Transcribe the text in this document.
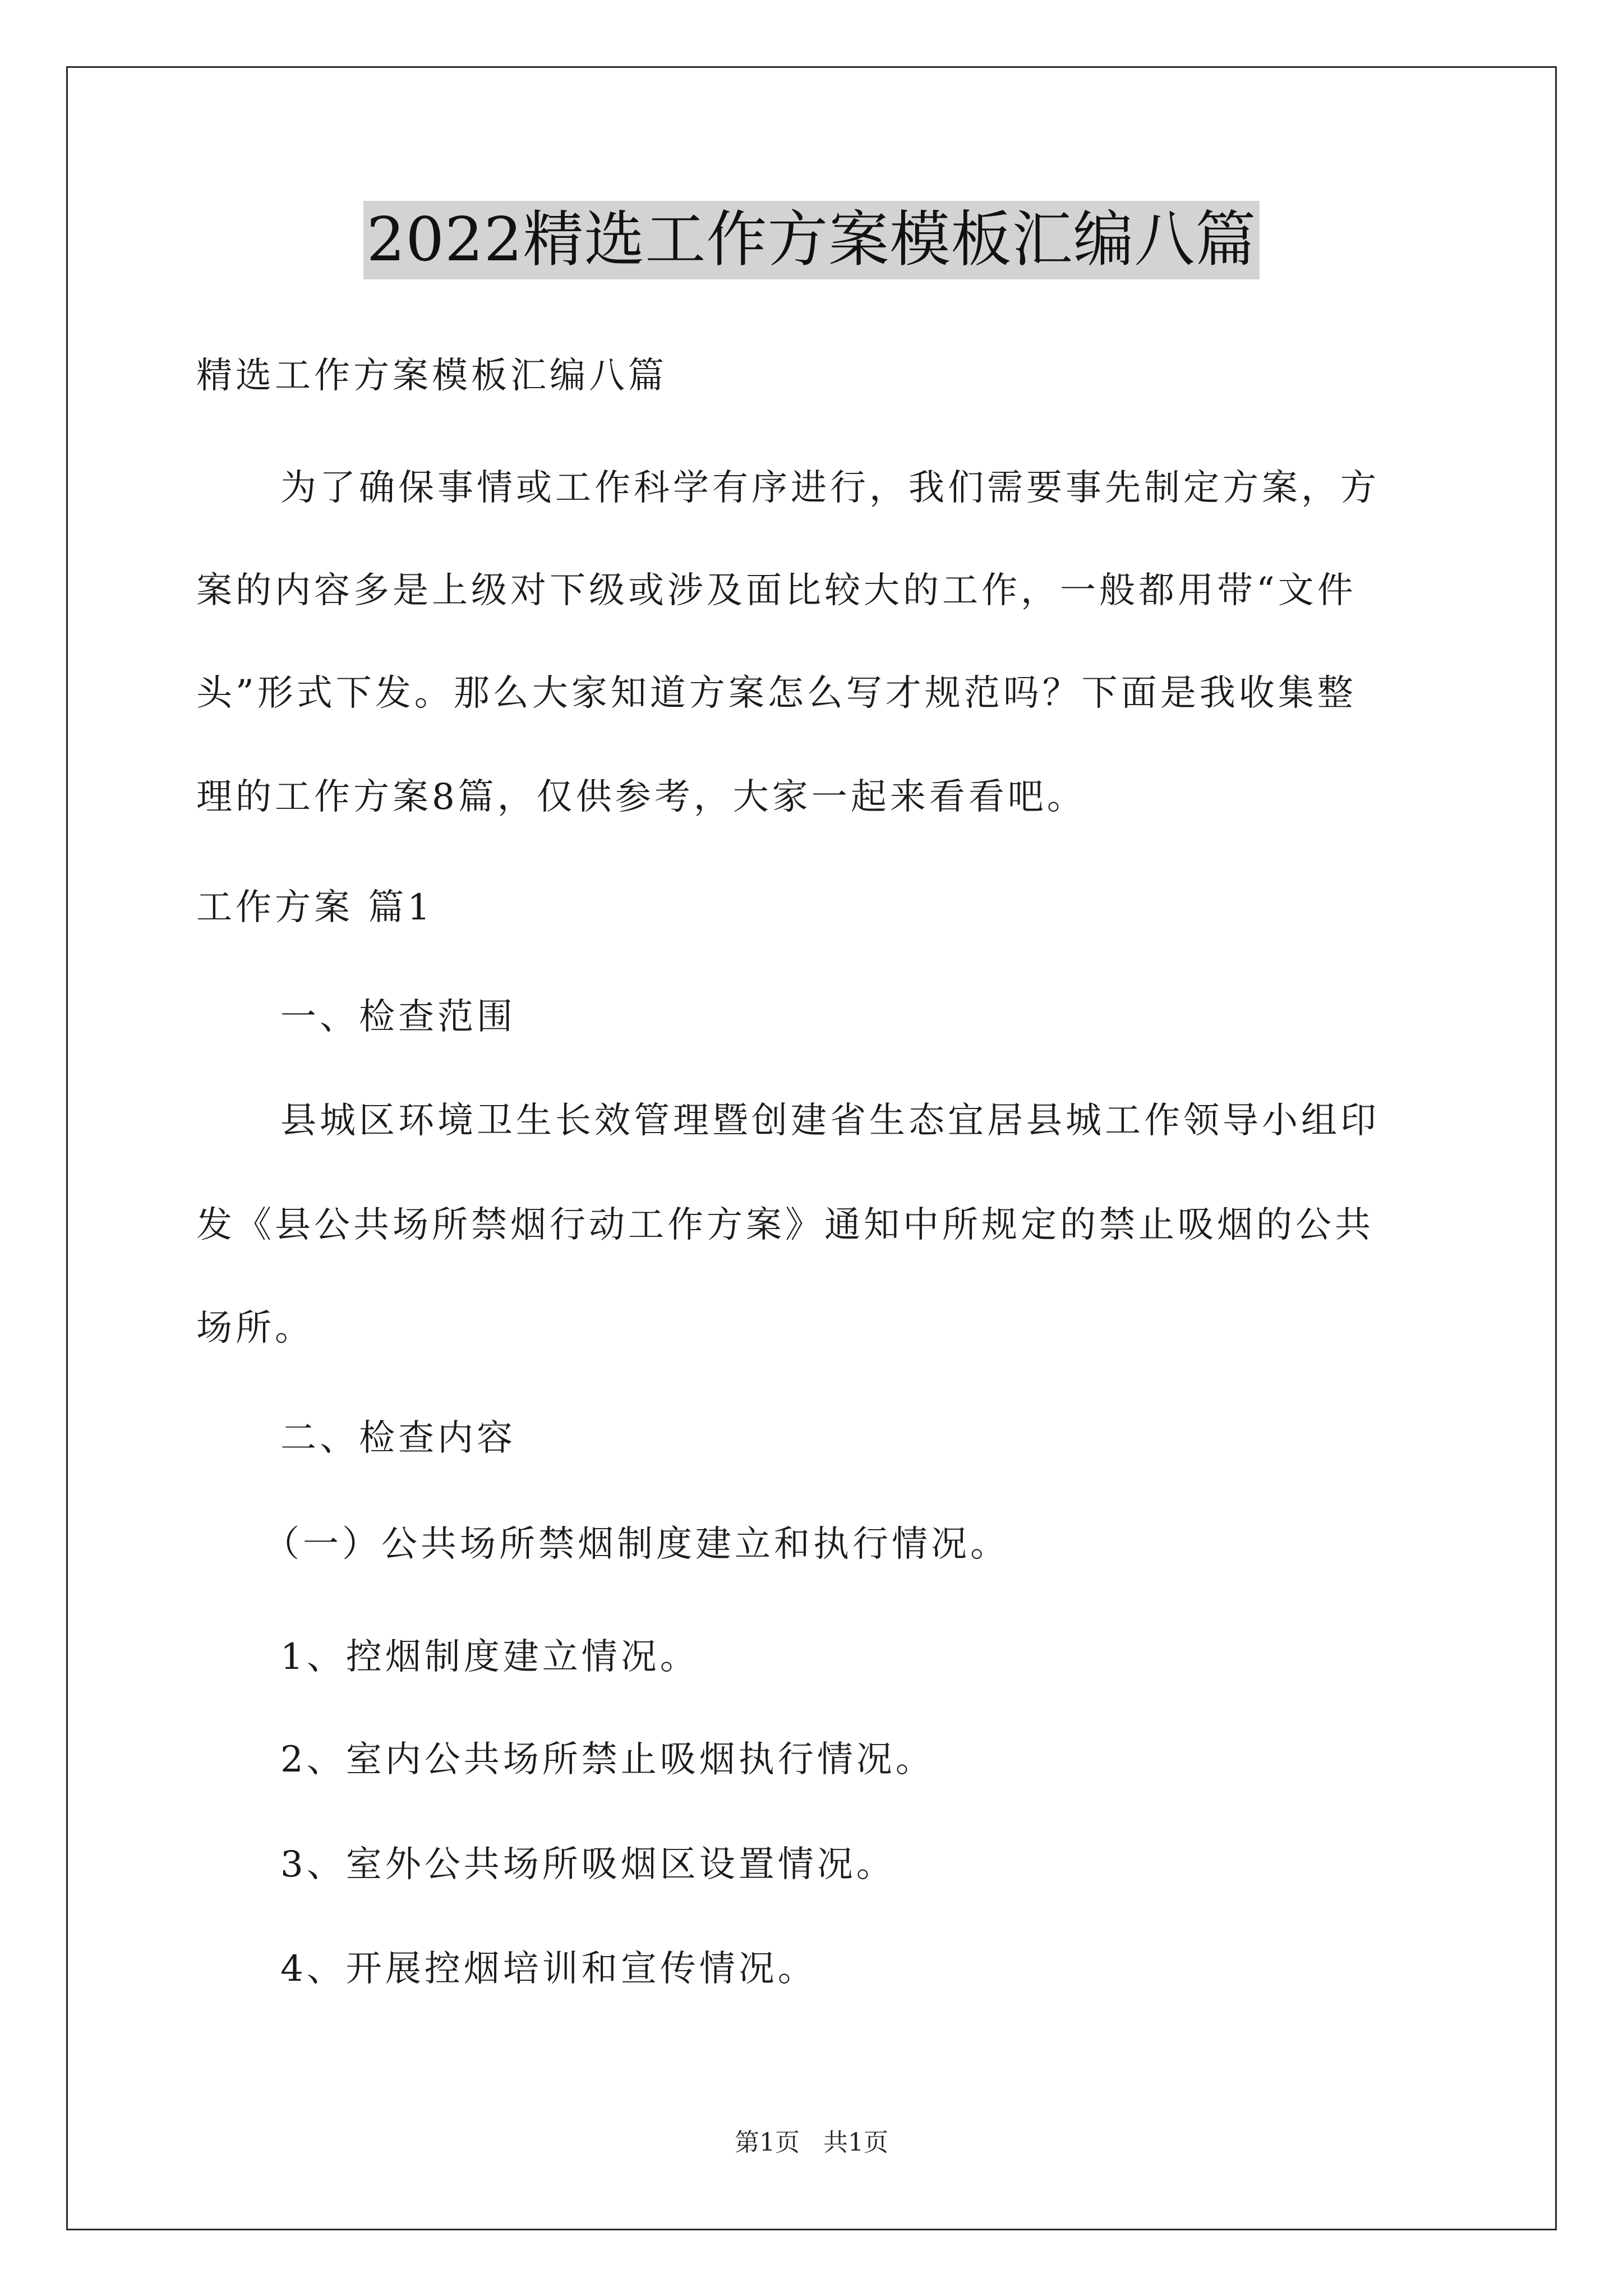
2022精选工作方案模板汇编八篇
精选工作方案模板汇编八篇
为了确保事情或工作科学有序进行，我们需要事先制定方案，方
案的内容多是上级对下级或涉及面比较大的工作，一般都用带“文件
头”形式下发。那么大家知道方案怎么写才规范吗？下面是我收集整
理的工作方案8篇，仅供参考，大家一起来看看吧。
工作方案 篇1
一、检查范围
县城区环境卫生长效管理暨创建省生态宜居县城工作领导小组印
发《县公共场所禁烟行动工作方案》通知中所规定的禁止吸烟的公共
场所。
二、检查内容
（一）公共场所禁烟制度建立和执行情况。
1、控烟制度建立情况。
2、室内公共场所禁止吸烟执行情况。
3、室外公共场所吸烟区设置情况。
4、开展控烟培训和宣传情况。
第1页 共1页
